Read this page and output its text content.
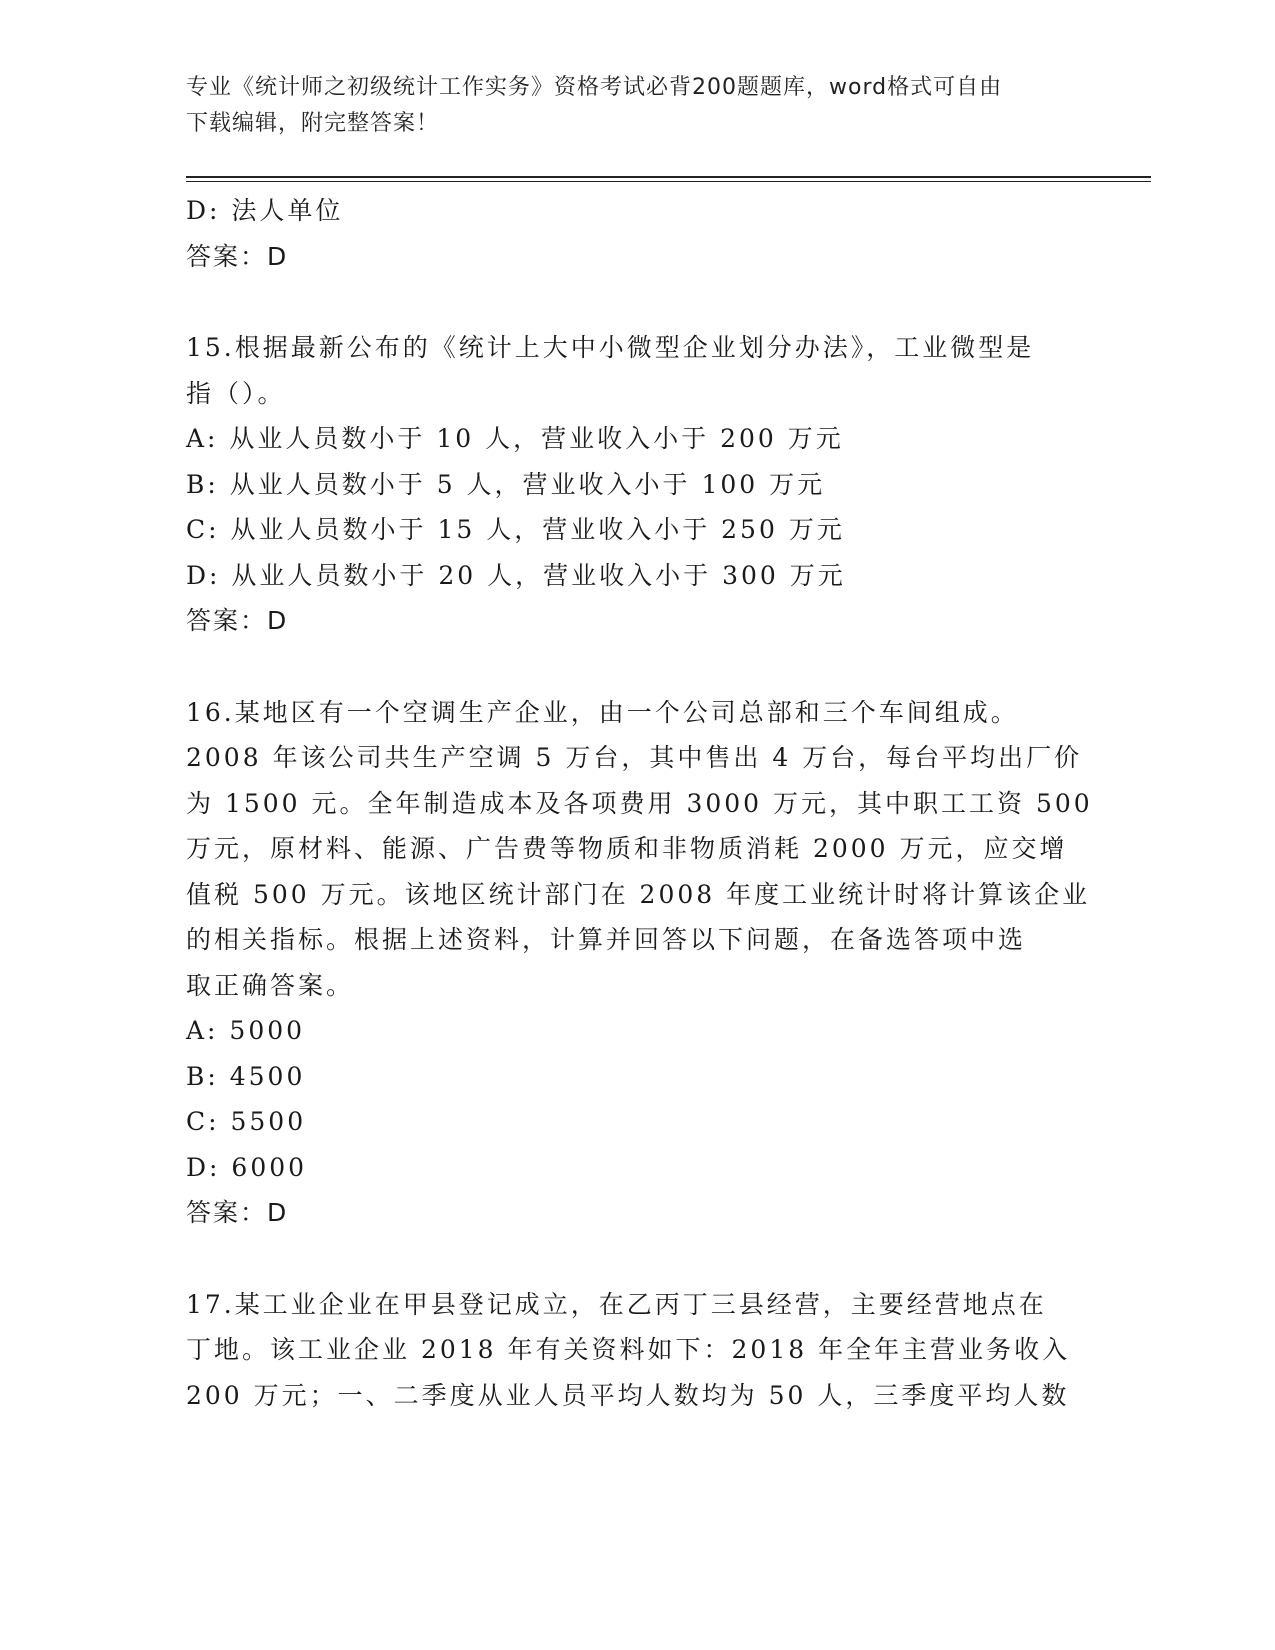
专业《统计师之初级统计工作实务》资格考试必背200题题库，word格式可自由
下载编辑，附完整答案！
D: 法人单位
答案：D
15.根据最新公布的《统计上大中小微型企业划分办法》，工业微型是
指（）。
A: 从业人员数小于 10 人，营业收入小于 200 万元
B: 从业人员数小于 5 人，营业收入小于 100 万元
C: 从业人员数小于 15 人，营业收入小于 250 万元
D: 从业人员数小于 20 人，营业收入小于 300 万元
答案：D
16.某地区有一个空调生产企业，由一个公司总部和三个车间组成。
2008 年该公司共生产空调 5 万台，其中售出 4 万台，每台平均出厂价
为 1500 元。全年制造成本及各项费用 3000 万元，其中职工工资 500
万元，原材料、能源、广告费等物质和非物质消耗 2000 万元，应交增
值税 500 万元。该地区统计部门在 2008 年度工业统计时将计算该企业
的相关指标。根据上述资料，计算并回答以下问题，在备选答项中选
取正确答案。
A: 5000
B: 4500
C: 5500
D: 6000
答案：D
17.某工业企业在甲县登记成立，在乙丙丁三县经营，主要经营地点在
丁地。该工业企业 2018 年有关资料如下：2018 年全年主营业务收入
200 万元；一、二季度从业人员平均人数均为 50 人，三季度平均人数
